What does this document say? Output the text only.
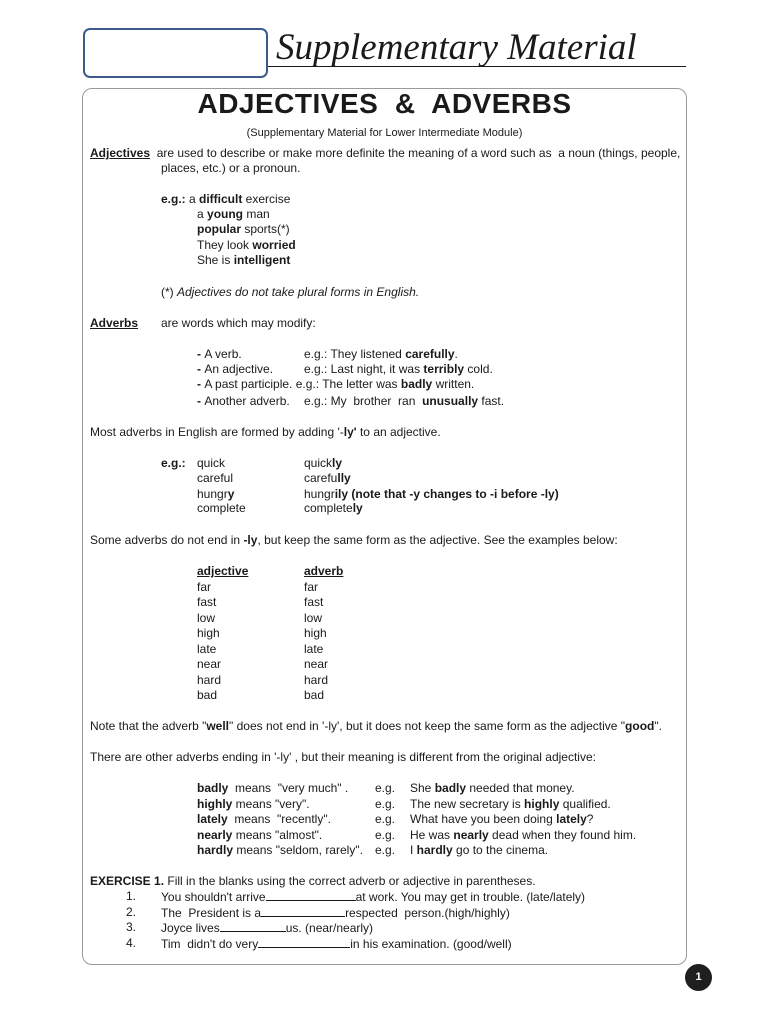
Supplementary Material
ADJECTIVES  &  ADVERBS
(Supplementary Material for Lower Intermediate Module)
Adjectives  are used to describe or make more definite the meaning of a word such as  a noun (things, people,
places, etc.) or a pronoun.
e.g.: a difficult exercise
a young man
popular sports(*)
They look worried
She is intelligent
(*) Adjectives do not take plural forms in English.
Adverbs are words which may modify:
- A verb.	e.g.: They listened carefully.
- An adjective.	e.g.: Last night, it was terribly cold.
- A past participle. e.g.: The letter was badly written.
- Another adverb. e.g.: My  brother  ran  unusually fast.
Most adverbs in English are formed by adding '-ly' to an adjective.
e.g.: quick	quickly
careful	carefully
hungry	hungrily (note that -y changes to -i before -ly)
complete	completely
Some adverbs do not end in -ly, but keep the same form as the adjective. See the examples below:
adjective	adverb
far	far
fast	fast
low	low
high	high
late	late
near	near
hard	hard
bad	bad
Note that the adverb "well" does not end in '-ly', but it does not keep the same form as the adjective "good".
There are other adverbs ending in '-ly' , but their meaning is different from the original adjective:
badly  means  "very much" . e.g. She badly needed that money.
highly means "very".	e.g. The new secretary is highly qualified.
lately  means  "recently".	e.g. What have you been doing lately?
nearly means "almost".	e.g. He was nearly dead when they found him.
hardly means "seldom, rarely". e.g. I hardly go to the cinema.
EXERCISE 1. Fill in the blanks using the correct adverb or adjective in parentheses.
1. You shouldn't arrive	at work. You may get in trouble. (late/lately)
2. The  President is a	respected  person.(high/highly)
3. Joyce lives	us. (near/nearly)
4. Tim  didn't do very	in his examination. (good/well)
1
